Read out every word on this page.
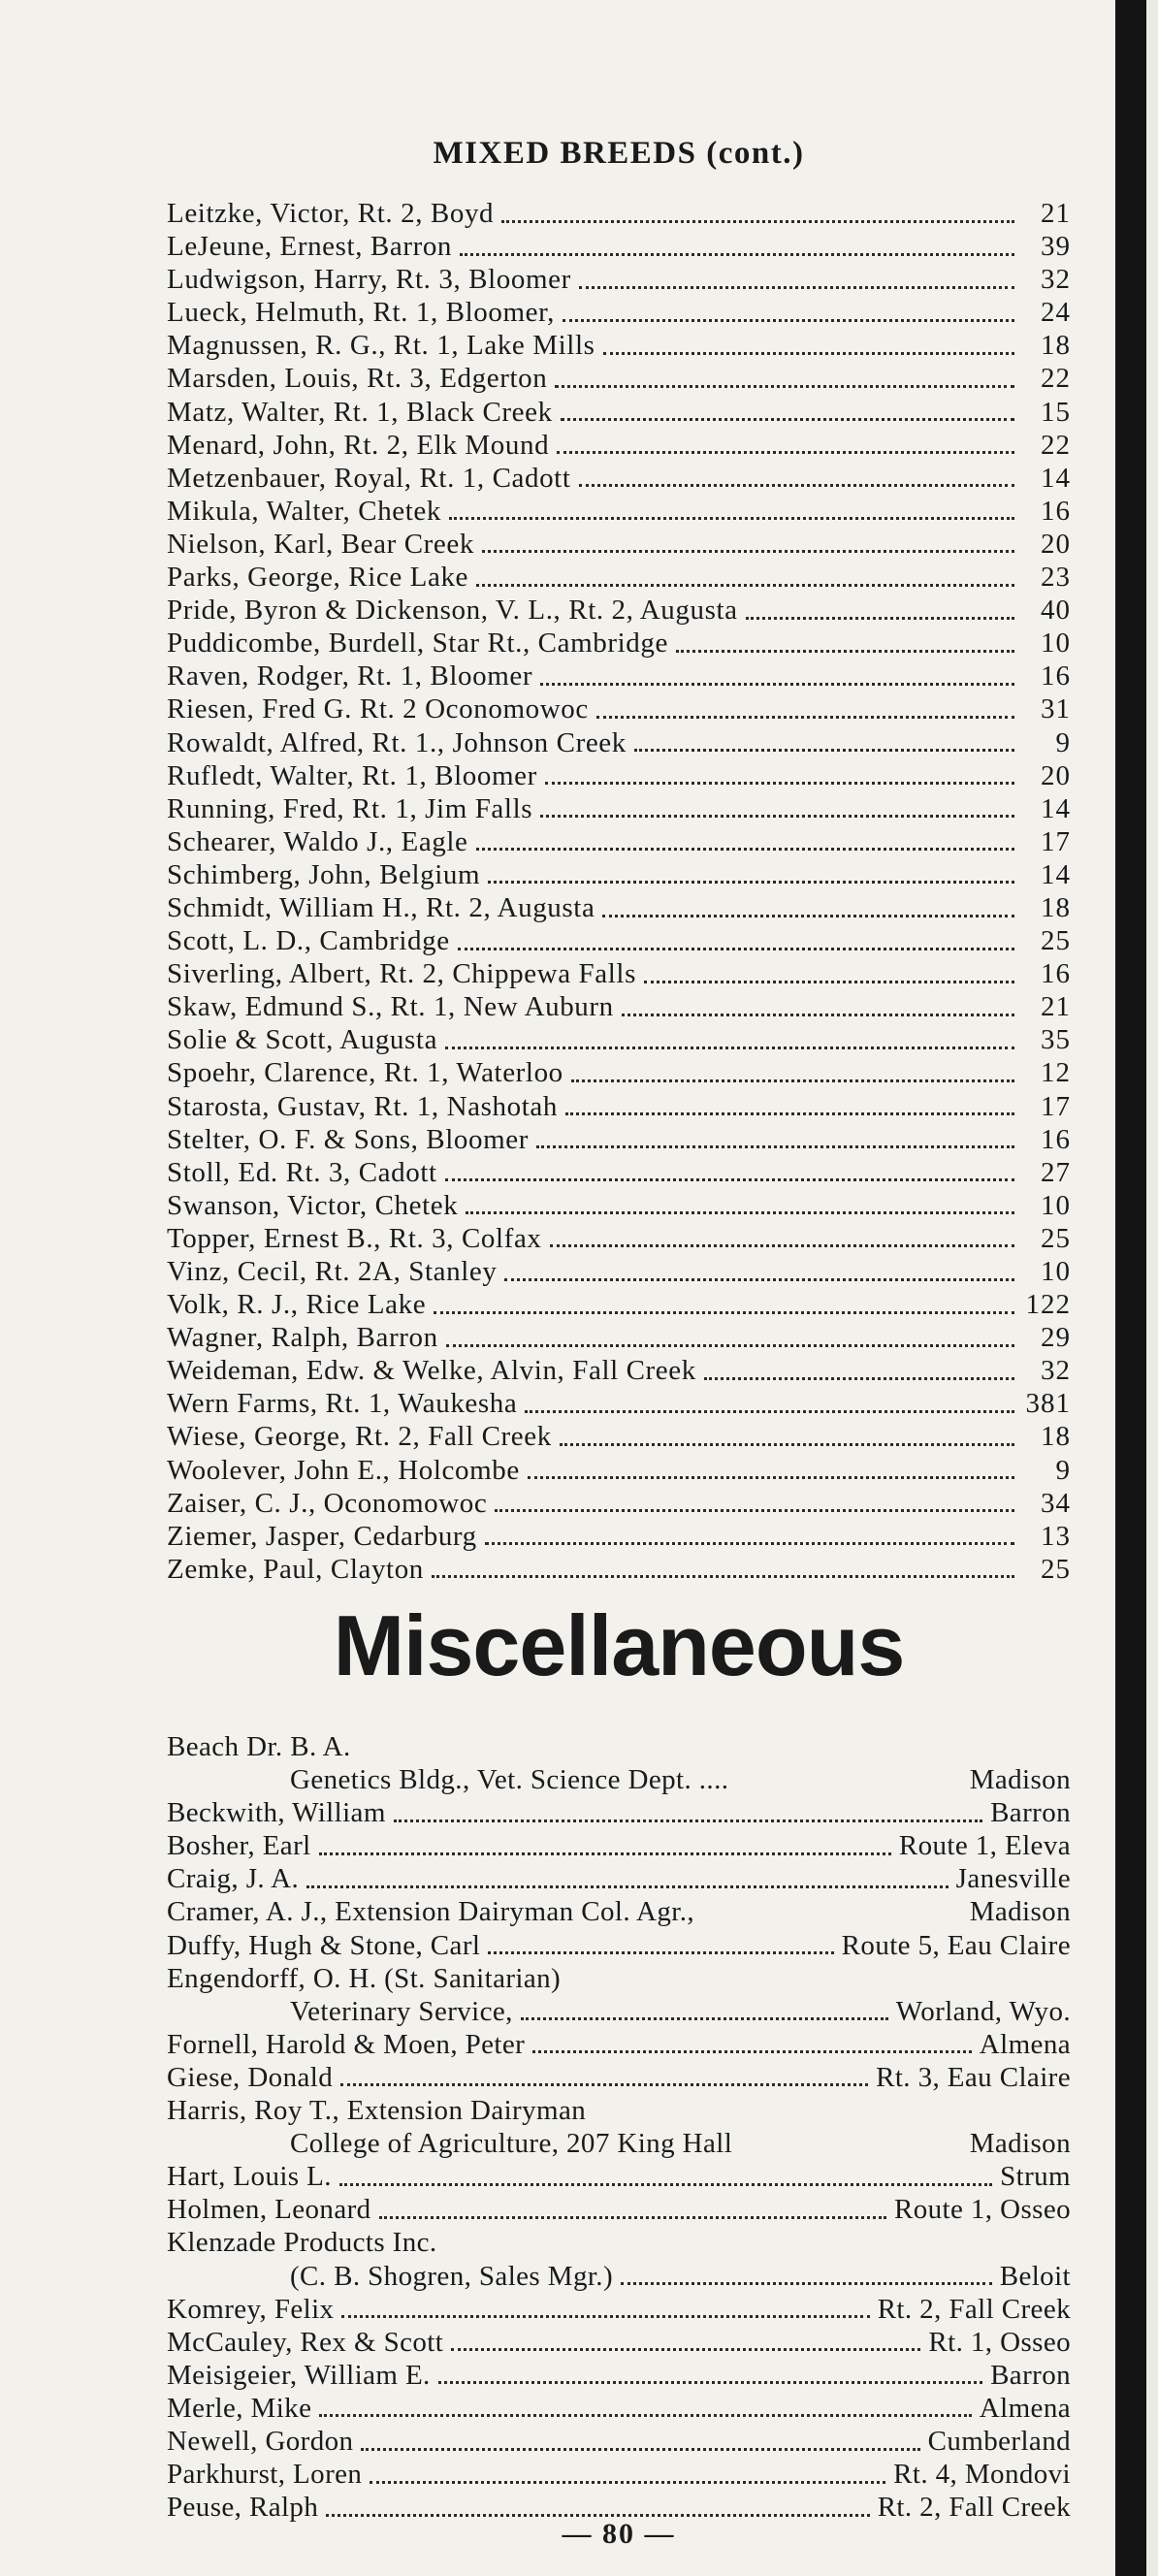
MIXED BREEDS (cont.)
Leitzke, Victor, Rt. 2, Boyd	21
LeJeune, Ernest, Barron	39
Ludwigson, Harry, Rt. 3, Bloomer	32
Lueck, Helmuth, Rt. 1, Bloomer,	24
Magnussen, R. G., Rt. 1, Lake Mills	18
Marsden, Louis, Rt. 3, Edgerton	22
Matz, Walter, Rt. 1, Black Creek	15
Menard, John, Rt. 2, Elk Mound	22
Metzenbauer, Royal, Rt. 1, Cadott	14
Mikula, Walter, Chetek	16
Nielson, Karl, Bear Creek	20
Parks, George, Rice Lake	23
Pride, Byron & Dickenson, V. L., Rt. 2, Augusta	40
Puddicombe, Burdell, Star Rt., Cambridge	10
Raven, Rodger, Rt. 1, Bloomer	16
Riesen, Fred G. Rt. 2 Oconomowoc	31
Rowaldt, Alfred, Rt. 1., Johnson Creek	9
Rufledt, Walter, Rt. 1, Bloomer	20
Running, Fred, Rt. 1, Jim Falls	14
Schearer, Waldo J., Eagle	17
Schimberg, John, Belgium	14
Schmidt, William H., Rt. 2, Augusta	18
Scott, L. D., Cambridge	25
Siverling, Albert, Rt. 2, Chippewa Falls	16
Skaw, Edmund S., Rt. 1, New Auburn	21
Solie & Scott, Augusta	35
Spoehr, Clarence, Rt. 1, Waterloo	12
Starosta, Gustav, Rt. 1, Nashotah	17
Stelter, O. F. & Sons, Bloomer	16
Stoll, Ed. Rt. 3, Cadott	27
Swanson, Victor, Chetek	10
Topper, Ernest B., Rt. 3, Colfax	25
Vinz, Cecil, Rt. 2A, Stanley	10
Volk, R. J., Rice Lake	122
Wagner, Ralph, Barron	29
Weideman, Edw. & Welke, Alvin, Fall Creek	32
Wern Farms, Rt. 1, Waukesha	381
Wiese, George, Rt. 2, Fall Creek	18
Woolever, John E., Holcombe	9
Zaiser, C. J., Oconomowoc	34
Ziemer, Jasper, Cedarburg	13
Zemke, Paul, Clayton	25
Miscellaneous
Beach Dr. B. A.
Genetics Bldg., Vet. Science Dept. ....	Madison
Beckwith, William	Barron
Bosher, Earl	Route 1, Eleva
Craig, J. A.	Janesville
Cramer, A. J., Extension Dairyman Col. Agr.,	Madison
Duffy, Hugh & Stone, Carl	Route 5, Eau Claire
Engendorff, O. H. (St. Sanitarian)
Veterinary Service,	Worland, Wyo.
Fornell, Harold & Moen, Peter	Almena
Giese, Donald	Rt. 3, Eau Claire
Harris, Roy T., Extension Dairyman
College of Agriculture, 207 King Hall	Madison
Hart, Louis L.	Strum
Holmen, Leonard	Route 1, Osseo
Klenzade Products Inc.
(C. B. Shogren, Sales Mgr.)	Beloit
Komrey, Felix	Rt. 2, Fall Creek
McCauley, Rex & Scott	Rt. 1, Osseo
Meisigeier, William E.	Barron
Merle, Mike	Almena
Newell, Gordon	Cumberland
Parkhurst, Loren	Rt. 4, Mondovi
Peuse, Ralph	Rt. 2, Fall Creek
— 80 —
